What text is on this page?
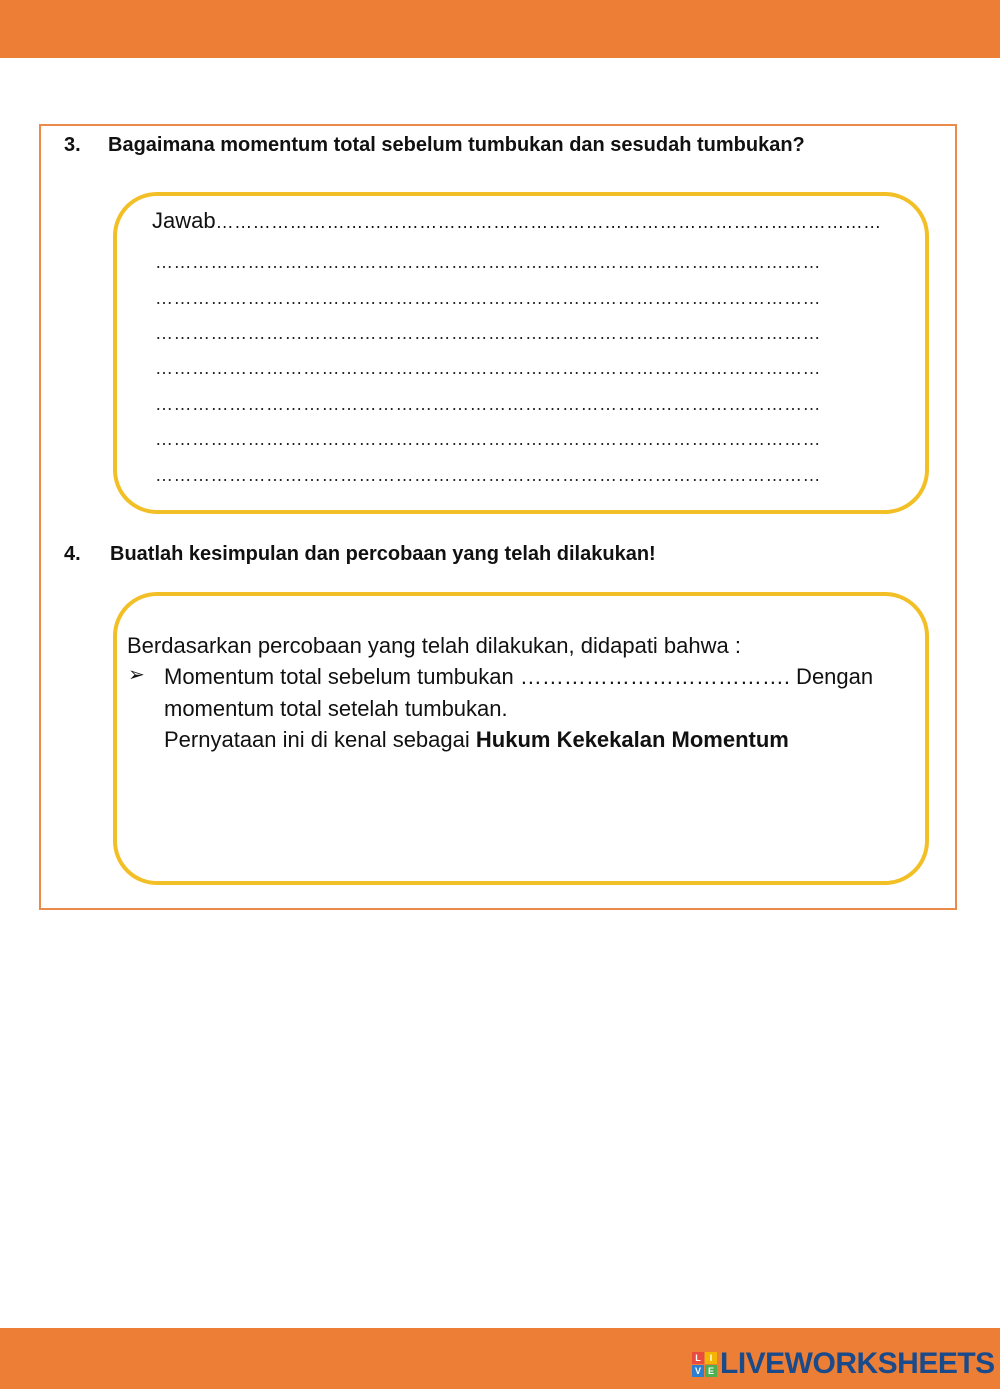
3. Bagaimana momentum total sebelum tumbukan dan sesudah tumbukan?
Jawab………………………………………………………………………………………………
………………………………………………………………………………………………
………………………………………………………………………………………………
………………………………………………………………………………………………
………………………………………………………………………………………………
………………………………………………………………………………………………
………………………………………………………………………………………………
………………………………………………………………………………………………
4. Buatlah kesimpulan dan percobaan yang telah dilakukan!
Berdasarkan percobaan yang telah dilakukan, didapati bahwa :
➢ Momentum total sebelum tumbukan ………………………………. Dengan
momentum total setelah tumbukan.
Pernyataan ini di kenal sebagai Hukum Kekekalan Momentum
L I
V E LIVEWORKSHEETS
